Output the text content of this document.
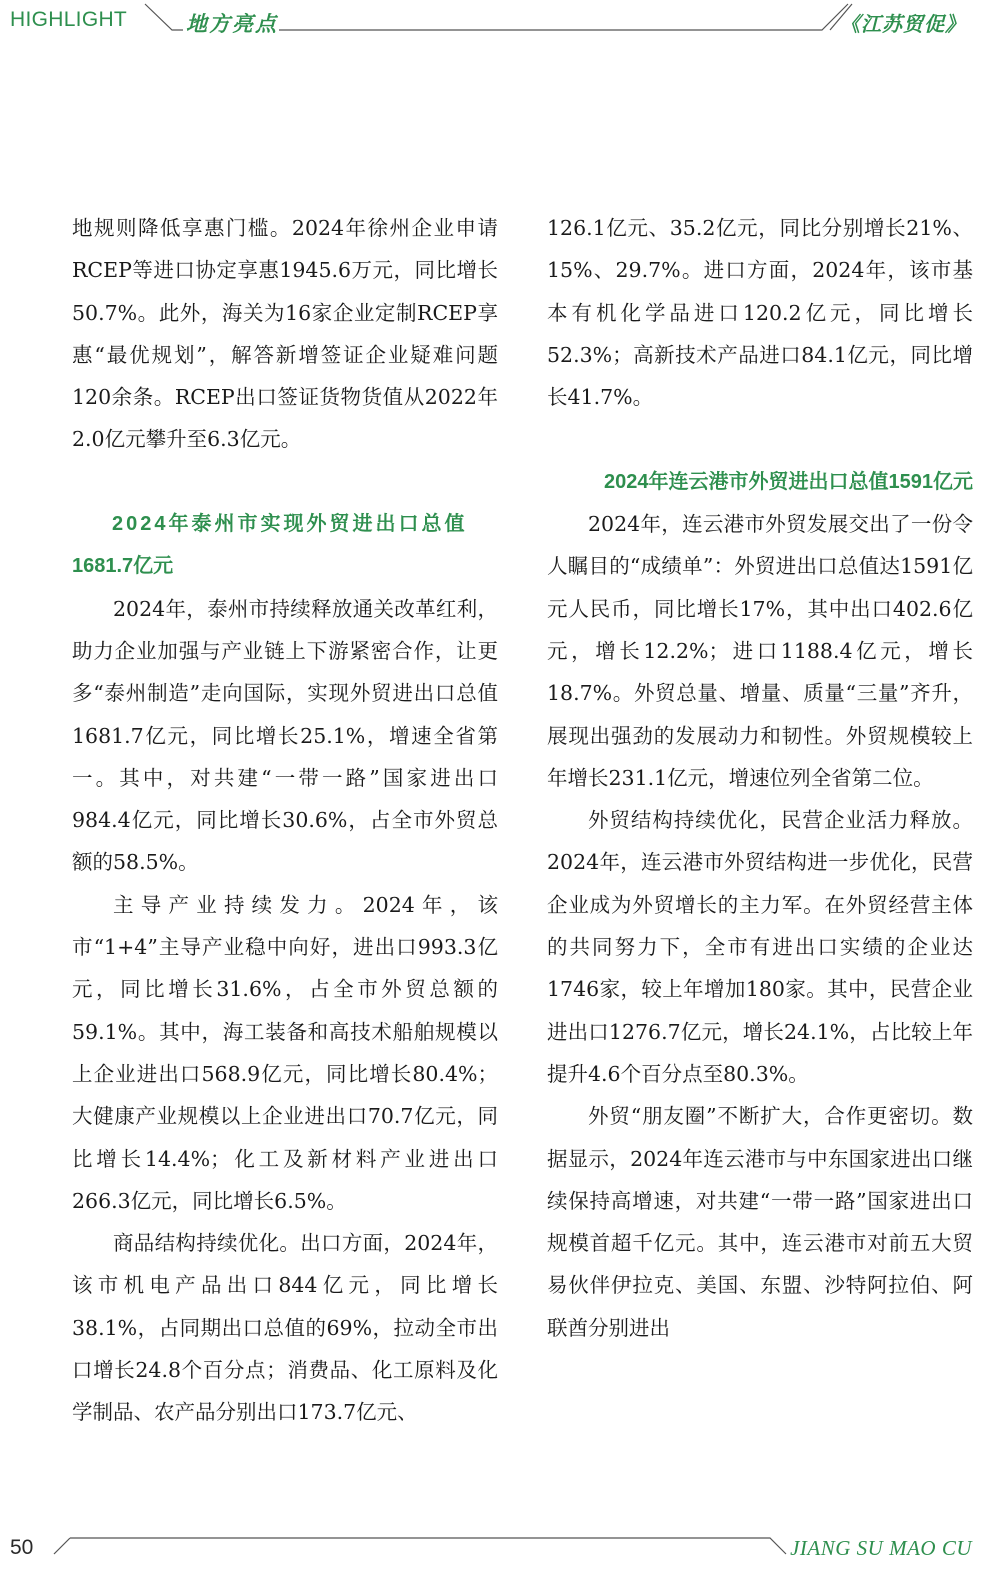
HIGHLIGHT	地方亮点	《江苏贸促》

地规则降低享惠门槛。2024年徐州企业申请RCEP等进口协定享惠1945.6万元，同比增长50.7%。此外，海关为16家企业定制RCEP享惠“最优规划”，解答新增签证企业疑难问题120余条。RCEP出口签证货物货值从2022年2.0亿元攀升至6.3亿元。

2024年泰州市实现外贸进出口总值
1681.7亿元

2024年，泰州市持续释放通关改革红利，助力企业加强与产业链上下游紧密合作，让更多“泰州制造”走向国际，实现外贸进出口总值1681.7亿元，同比增长25.1%，增速全省第一。其中，对共建“一带一路”国家进出口984.4亿元，同比增长30.6%，占全市外贸总额的58.5%。

主导产业持续发力。2024年，该市“1+4”主导产业稳中向好，进出口993.3亿元，同比增长31.6%，占全市外贸总额的59.1%。其中，海工装备和高技术船舶规模以上企业进出口568.9亿元，同比增长80.4%；大健康产业规模以上企业进出口70.7亿元，同比增长14.4%；化工及新材料产业进出口266.3亿元，同比增长6.5%。

商品结构持续优化。出口方面，2024年，该市机电产品出口844亿元，同比增长38.1%，占同期出口总值的69%，拉动全市出口增长24.8个百分点；消费品、化工原料及化学制品、农产品分别出口173.7亿元、

126.1亿元、35.2亿元，同比分别增长21%、15%、29.7%。进口方面，2024年，该市基本有机化学品进口120.2亿元，同比增长52.3%；高新技术产品进口84.1亿元，同比增长41.7%。

2024年连云港市外贸进出口总值1591亿元

2024年，连云港市外贸发展交出了一份令人瞩目的“成绩单”：外贸进出口总值达1591亿元人民币，同比增长17%，其中出口402.6亿元，增长12.2%；进口1188.4亿元，增长18.7%。外贸总量、增量、质量“三量”齐升，展现出强劲的发展动力和韧性。外贸规模较上年增长231.1亿元，增速位列全省第二位。

外贸结构持续优化，民营企业活力释放。2024年，连云港市外贸结构进一步优化，民营企业成为外贸增长的主力军。在外贸经营主体的共同努力下，全市有进出口实绩的企业达1746家，较上年增加180家。其中，民营企业进出口1276.7亿元，增长24.1%，占比较上年提升4.6个百分点至80.3%。

外贸“朋友圈”不断扩大，合作更密切。数据显示，2024年连云港市与中东国家进出口继续保持高增速，对共建“一带一路”国家进出口规模首超千亿元。其中，连云港市对前五大贸易伙伴伊拉克、美国、东盟、沙特阿拉伯、阿联酋分别进出

50	JIANG SU MAO CU
